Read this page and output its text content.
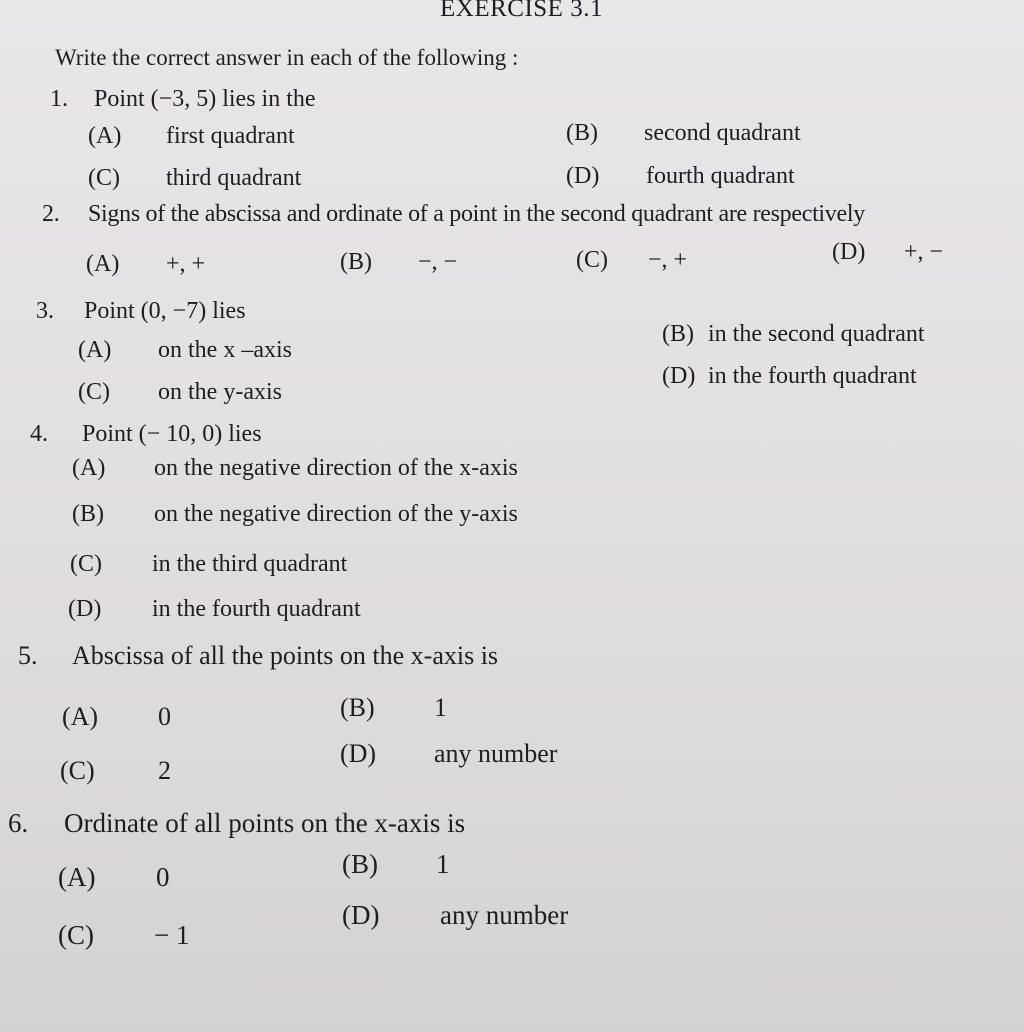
EXERCISE 3.1
Write the correct answer in each of the following :
1. Point (−3, 5) lies in the
(A) first quadrant	(B) second quadrant
(C) third quadrant	(D) fourth quadrant
2. Signs of the abscissa and ordinate of a point in the second quadrant are respectively
(A) +, +	(B) −, −	(C) −, +	(D) +, −
3. Point (0, −7) lies
(A) on the x –axis
(B) in the second quadrant
(C) on the y-axis
(D) in the fourth quadrant
4. Point (− 10, 0) lies
(A) on the negative direction of the x-axis
(B) on the negative direction of the y-axis
(C) in the third quadrant
(D) in the fourth quadrant
5. Abscissa of all the points on the x-axis is
(A) 0	(B) 1
(C) 2
(D) any number
6. Ordinate of all points on the x-axis is
(A) 0	(B) 1
(C) − 1
(D) any number
